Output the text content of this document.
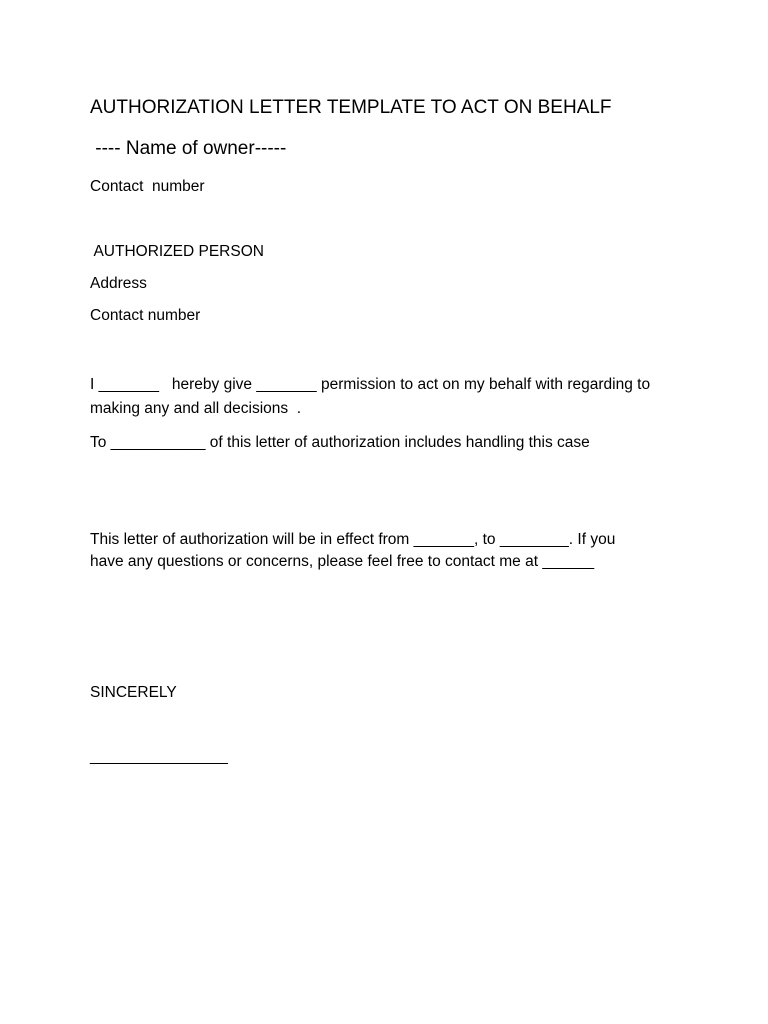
AUTHORIZATION LETTER TEMPLATE TO ACT ON BEHALF
---- Name of owner-----
Contact  number
AUTHORIZED PERSON
Address
Contact number
I _______   hereby give _______ permission to act on my behalf with regarding to
making any and all decisions  .
To ___________ of this letter of authorization includes handling this case
This letter of authorization will be in effect from _______, to ________. If you
have any questions or concerns, please feel free to contact me at ______
SINCERELY
________________
